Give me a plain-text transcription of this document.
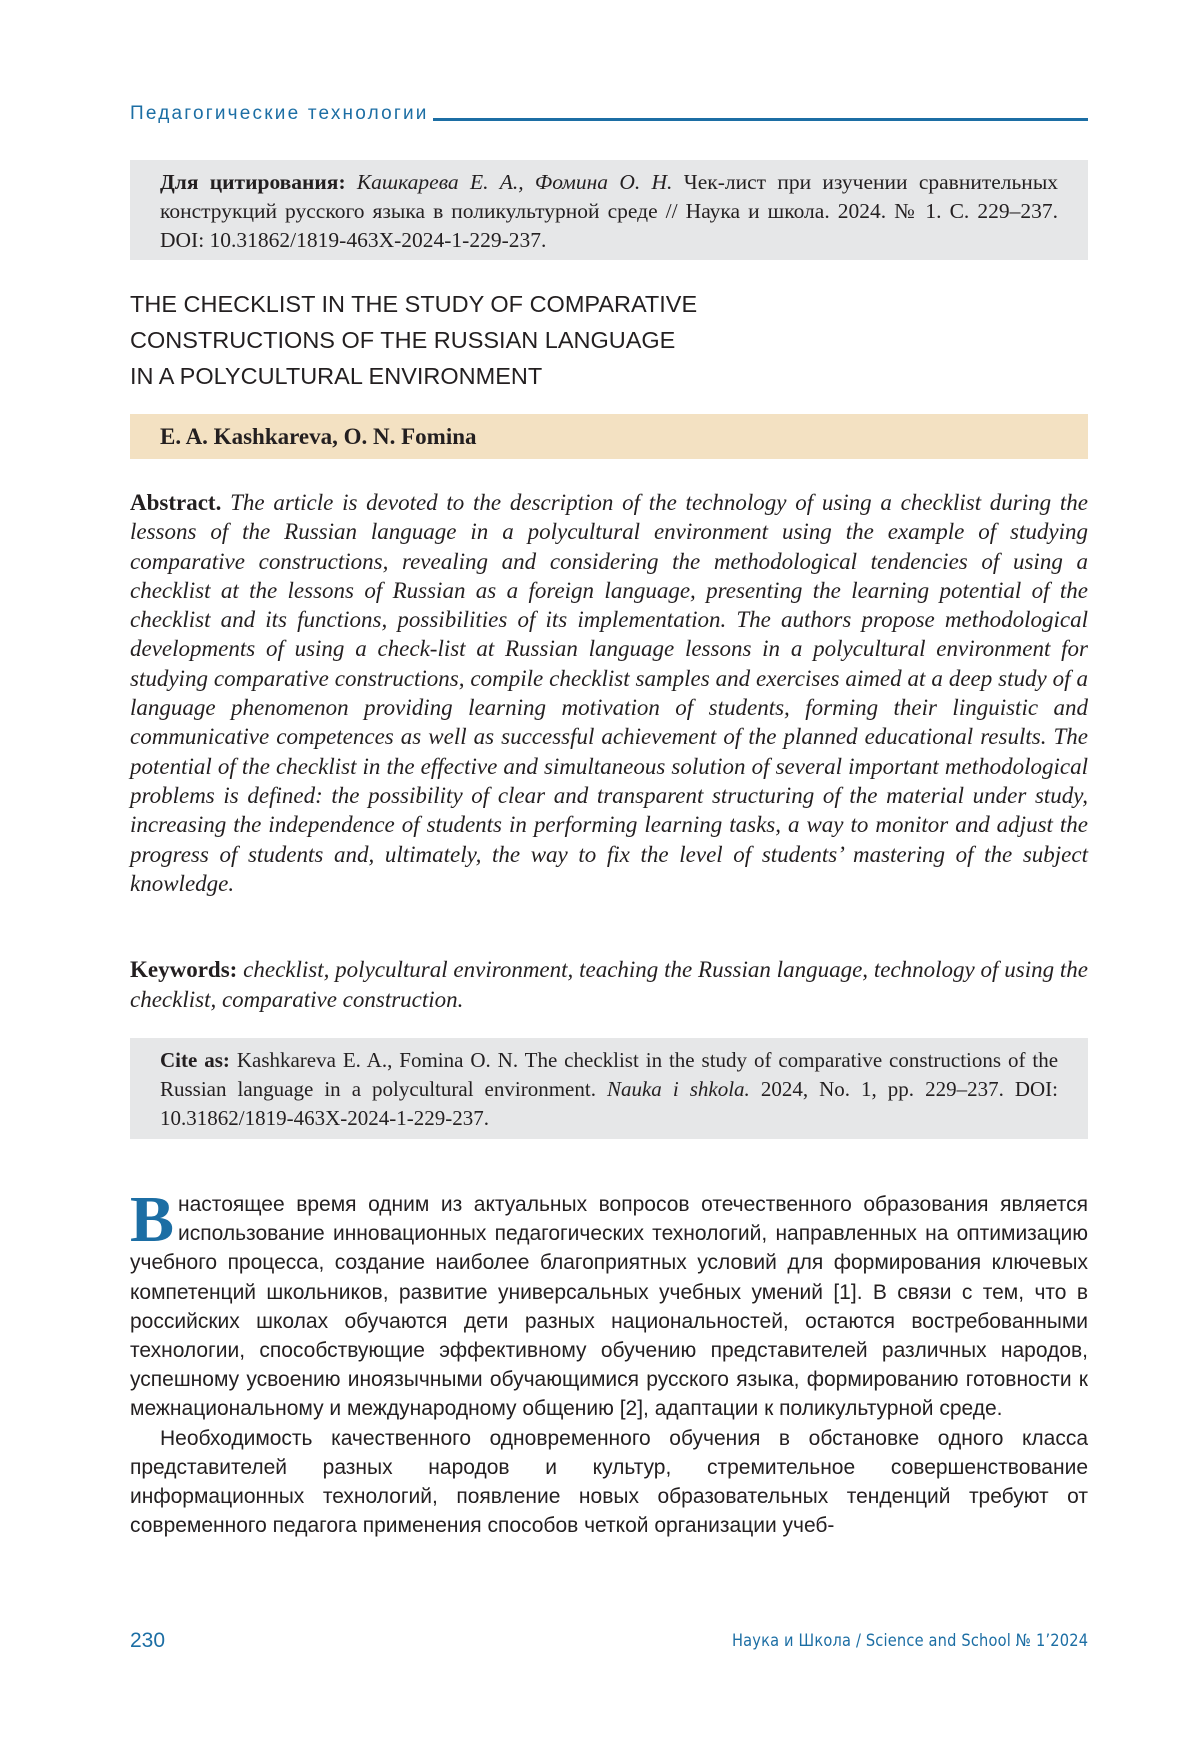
Педагогические технологии
Для цитирования: Кашкарева Е. А., Фомина О. Н. Чек-лист при изучении сравнительных конструкций русского языка в поликультурной среде // Наука и школа. 2024. № 1. С. 229–237. DOI: 10.31862/1819-463X-2024-1-229-237.
THE CHECKLIST IN THE STUDY OF COMPARATIVE
CONSTRUCTIONS OF THE RUSSIAN LANGUAGE
IN A POLYCULTURAL ENVIRONMENT
E. A. Kashkareva, O. N. Fomina
Abstract. The article is devoted to the description of the technology of using a checklist during the lessons of the Russian language in a polycultural environment using the example of studying comparative constructions, revealing and considering the methodological tendencies of using a checklist at the lessons of Russian as a foreign language, presenting the learning potential of the checklist and its functions, possibilities of its implementation. The authors propose methodological developments of using a check-list at Russian language lessons in a polycultural environment for studying comparative constructions, compile checklist samples and exercises aimed at a deep study of a language phenomenon providing learning motivation of students, forming their linguistic and communicative competences as well as successful achievement of the planned educational results. The potential of the checklist in the effective and simultaneous solution of several important methodological problems is defined: the possibility of clear and transparent structuring of the material under study, increasing the independence of students in performing learning tasks, a way to monitor and adjust the progress of students and, ultimately, the way to fix the level of students’ mastering of the subject knowledge.
Keywords: checklist, polycultural environment, teaching the Russian language, technology of using the checklist, comparative construction.
Cite as: Kashkareva E. A., Fomina O. N. The checklist in the study of comparative constructions of the Russian language in a polycultural environment. Nauka i shkola. 2024, No. 1, pp. 229–237. DOI: 10.31862/1819-463X-2024-1-229-237.

Внастоящее время одним из актуальных вопросов отечественного образования является использование инновационных педагогических технологий, направленных на оптимизацию учебного процесса, создание наиболее благоприятных условий для формирования ключевых компетенций школьников, развитие универсальных учебных умений [1]. В связи с тем, что в российских школах обучаются дети разных национальностей, остаются востребованными технологии, способствующие эффективному обучению представителей различных народов, успешному усвоению иноязычными обучающимися русского языка, формированию готовности к межнациональному и международному общению [2], адаптации к поликультурной среде.

Необходимость качественного одновременного обучения в обстановке одного класса представителей разных народов и культур, стремительное совершенствование информационных технологий, появление новых образовательных тенденций требуют от современного педагога применения способов четкой организации учеб-

230	Наука и Школа / Science and School № 1’2024
